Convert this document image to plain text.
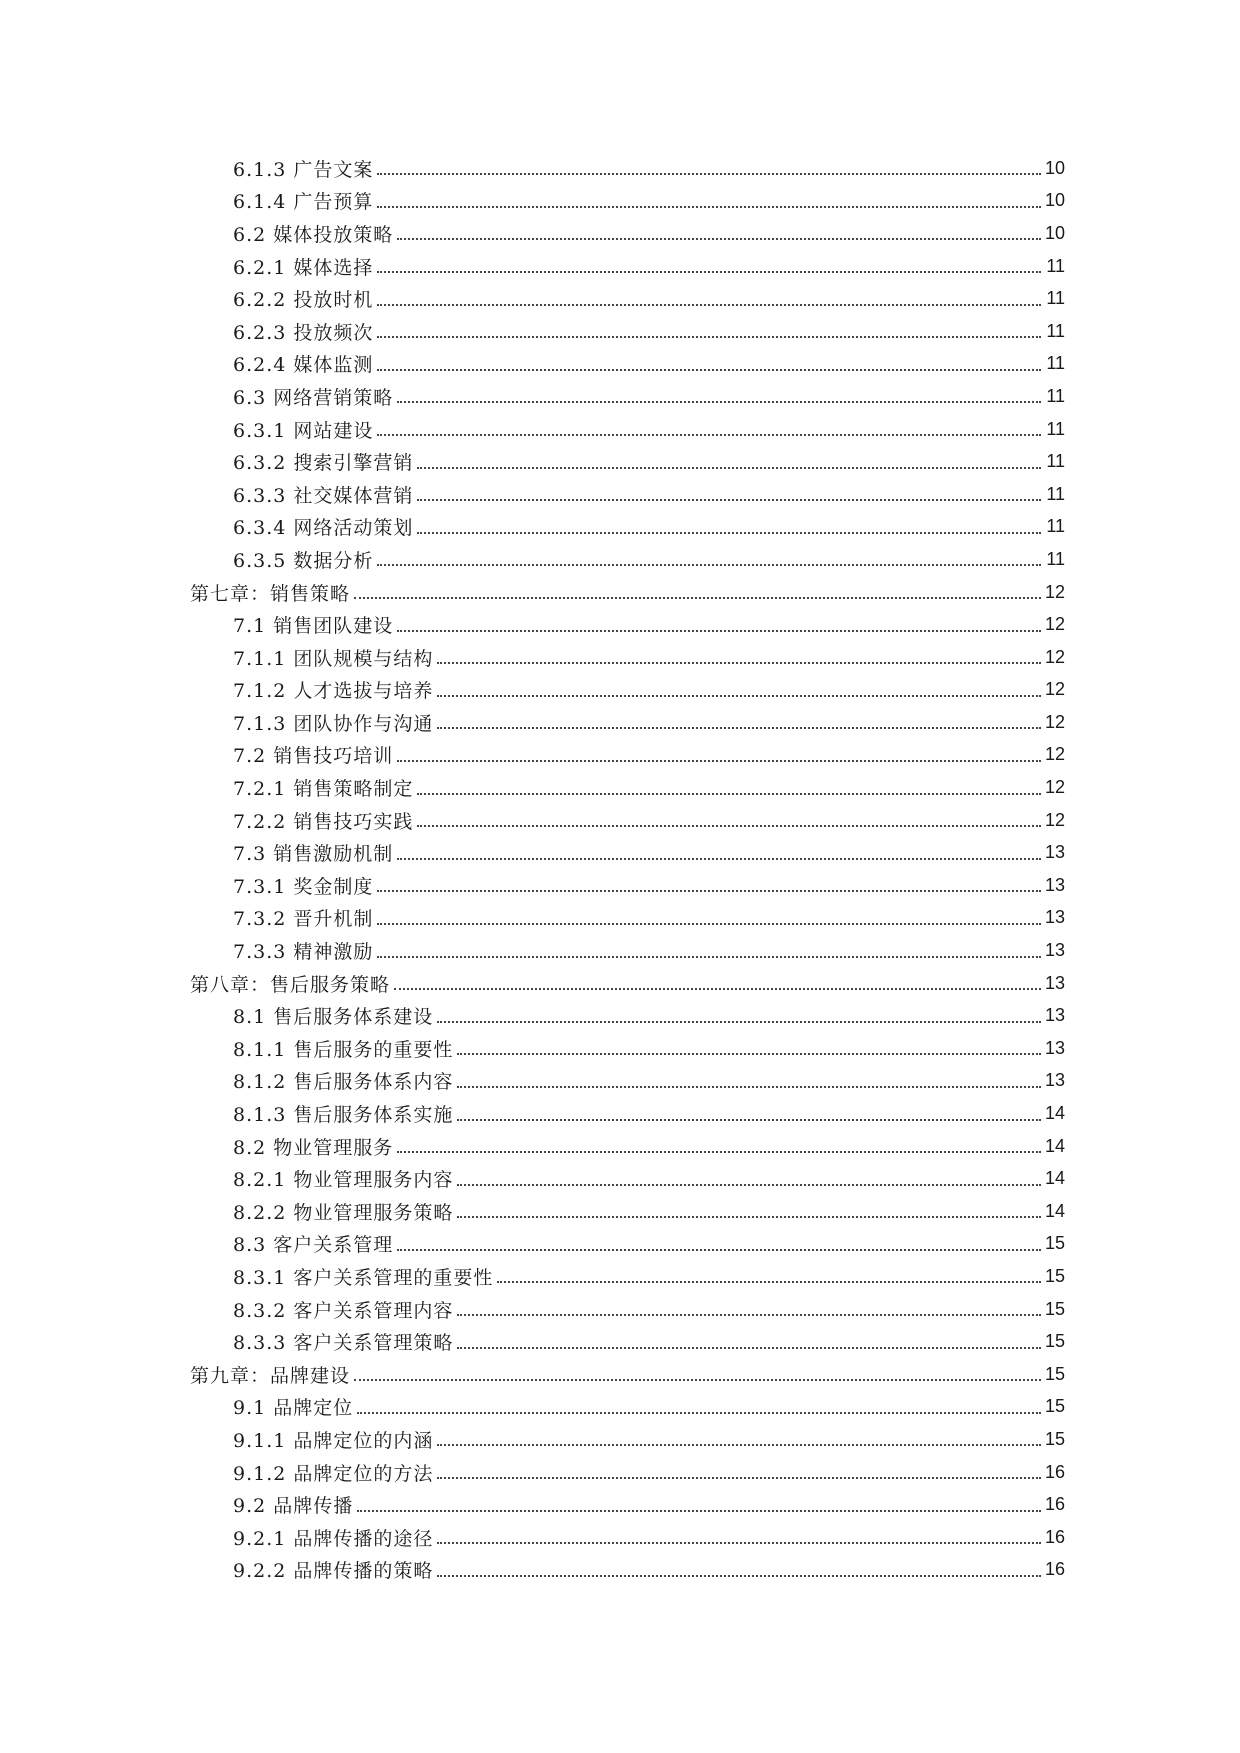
6.1.3 广告文案	10
6.1.4 广告预算	10
6.2 媒体投放策略	10
6.2.1 媒体选择	11
6.2.2 投放时机	11
6.2.3 投放频次	11
6.2.4 媒体监测	11
6.3 网络营销策略	11
6.3.1 网站建设	11
6.3.2 搜索引擎营销	11
6.3.3 社交媒体营销	11
6.3.4 网络活动策划	11
6.3.5 数据分析	11
第七章：销售策略	12
7.1 销售团队建设	12
7.1.1 团队规模与结构	12
7.1.2 人才选拔与培养	12
7.1.3 团队协作与沟通	12
7.2 销售技巧培训	12
7.2.1 销售策略制定	12
7.2.2 销售技巧实践	12
7.3 销售激励机制	13
7.3.1 奖金制度	13
7.3.2 晋升机制	13
7.3.3 精神激励	13
第八章：售后服务策略	13
8.1 售后服务体系建设	13
8.1.1 售后服务的重要性	13
8.1.2 售后服务体系内容	13
8.1.3 售后服务体系实施	14
8.2 物业管理服务	14
8.2.1 物业管理服务内容	14
8.2.2 物业管理服务策略	14
8.3 客户关系管理	15
8.3.1 客户关系管理的重要性	15
8.3.2 客户关系管理内容	15
8.3.3 客户关系管理策略	15
第九章：品牌建设	15
9.1 品牌定位	15
9.1.1 品牌定位的内涵	15
9.1.2 品牌定位的方法	16
9.2 品牌传播	16
9.2.1 品牌传播的途径	16
9.2.2 品牌传播的策略	16
